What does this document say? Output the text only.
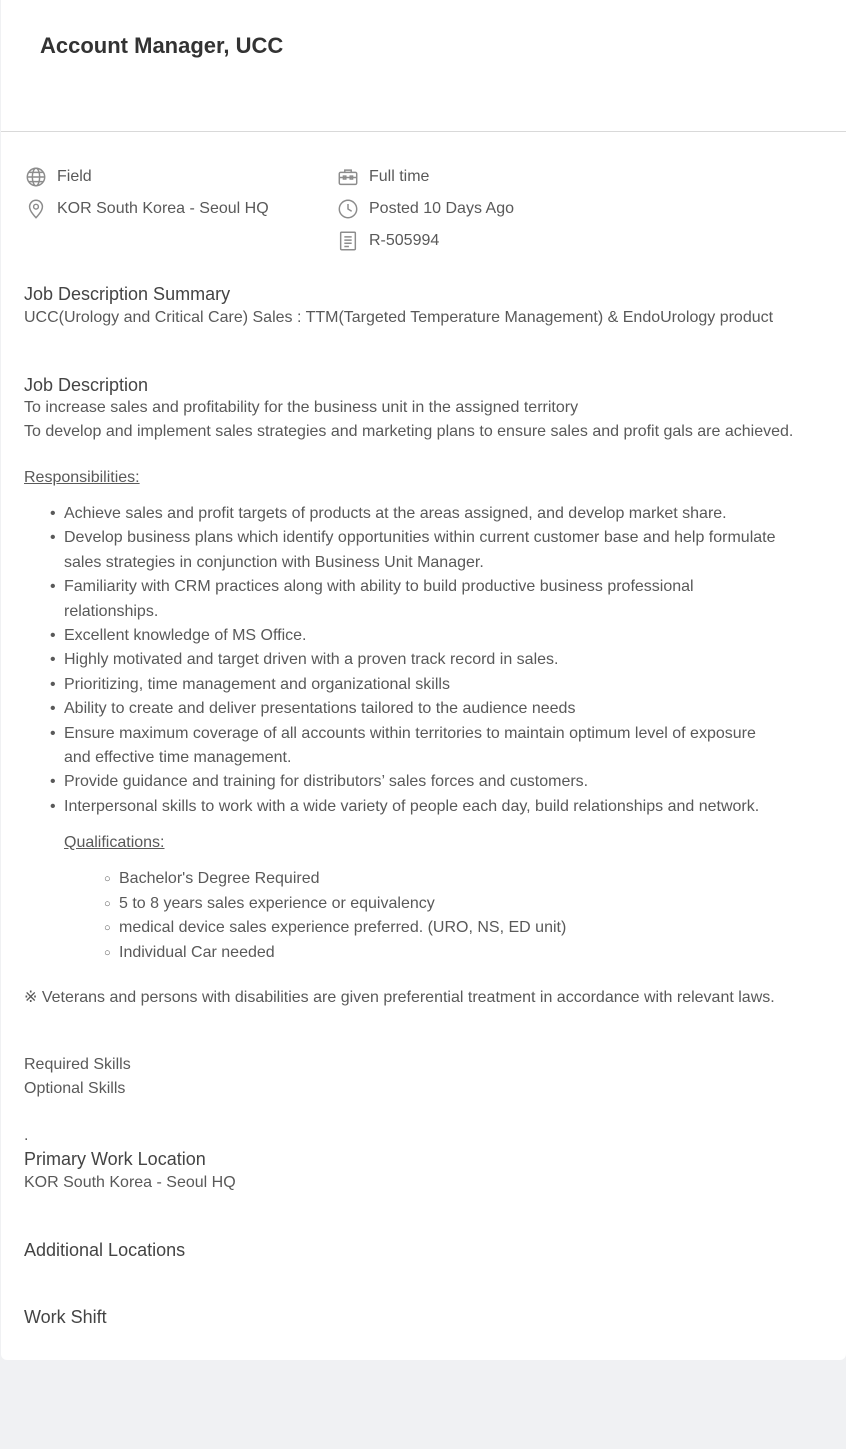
Account Manager, UCC
Field
KOR South Korea - Seoul HQ
Full time
Posted 10 Days Ago
R-505994
Job Description Summary
UCC(Urology and Critical Care) Sales : TTM(Targeted Temperature Management) & EndoUrology product
Job Description
To increase sales and profitability for the business unit in the assigned territory
To develop and implement sales strategies and marketing plans to ensure sales and profit gals are achieved.
Responsibilities:
• Achieve sales and profit targets of products at the areas assigned, and develop market share.
• Develop business plans which identify opportunities within current customer base and help formulate sales strategies in conjunction with Business Unit Manager.
• Familiarity with CRM practices along with ability to build productive business professional relationships.
• Excellent knowledge of MS Office.
• Highly motivated and target driven with a proven track record in sales.
• Prioritizing, time management and organizational skills
• Ability to create and deliver presentations tailored to the audience needs
• Ensure maximum coverage of all accounts within territories to maintain optimum level of exposure and effective time management.
• Provide guidance and training for distributors’ sales forces and customers.
• Interpersonal skills to work with a wide variety of people each day, build relationships and network.
Qualifications:
○ Bachelor's Degree Required
○ 5 to 8 years sales experience or equivalency
○ medical device sales experience preferred. (URO, NS, ED unit)
○ Individual Car needed
※ Veterans and persons with disabilities are given preferential treatment in accordance with relevant laws.
Required Skills
Optional Skills
.
Primary Work Location
KOR South Korea - Seoul HQ
Additional Locations
Work Shift
